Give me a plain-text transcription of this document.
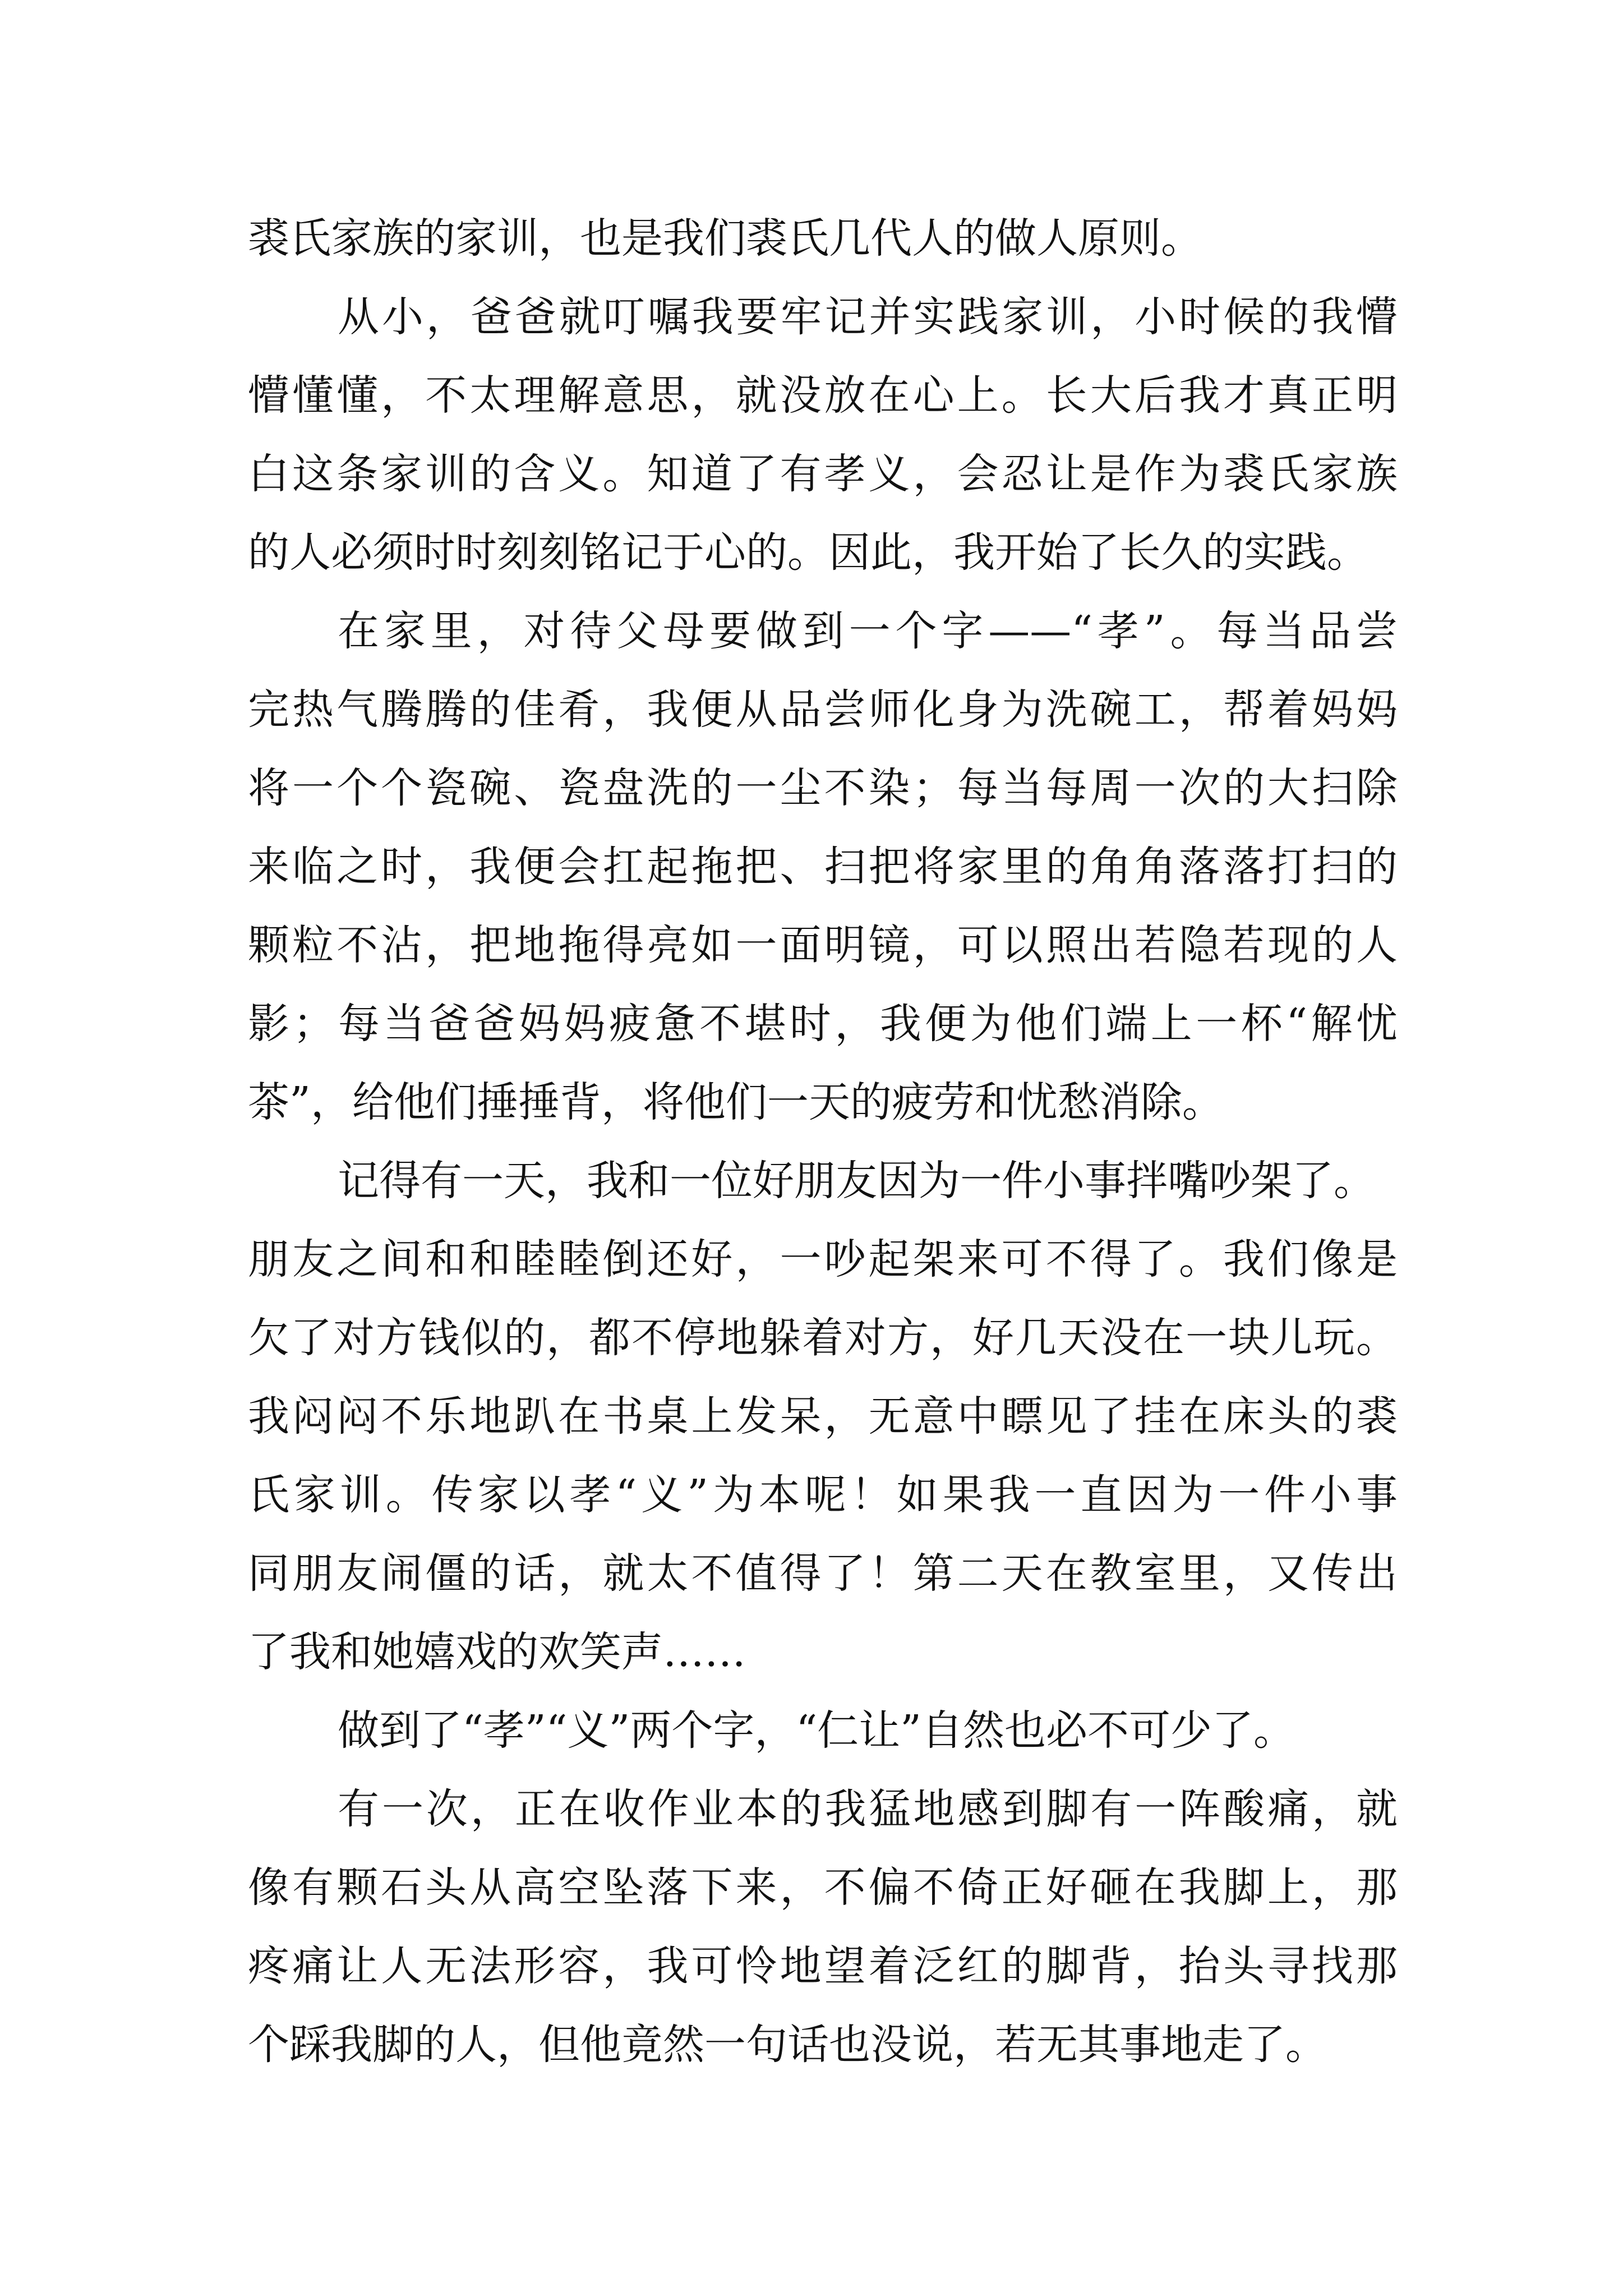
裘氏家族的家训，也是我们裘氏几代人的做人原则。
从小，爸爸就叮嘱我要牢记并实践家训，小时候的我懵
懵懂懂，不太理解意思，就没放在心上。长大后我才真正明
白这条家训的含义。知道了有孝义，会忍让是作为裘氏家族
的人必须时时刻刻铭记于心的。因此，我开始了长久的实践。
在家里，对待父母要做到一个字——“孝”。每当品尝
完热气腾腾的佳肴，我便从品尝师化身为洗碗工，帮着妈妈
将一个个瓷碗、瓷盘洗的一尘不染；每当每周一次的大扫除
来临之时，我便会扛起拖把、扫把将家里的角角落落打扫的
颗粒不沾，把地拖得亮如一面明镜，可以照出若隐若现的人
影；每当爸爸妈妈疲惫不堪时，我便为他们端上一杯“解忧
茶”，给他们捶捶背，将他们一天的疲劳和忧愁消除。
记得有一天，我和一位好朋友因为一件小事拌嘴吵架了。
朋友之间和和睦睦倒还好，一吵起架来可不得了。我们像是
欠了对方钱似的，都不停地躲着对方，好几天没在一块儿玩。
我闷闷不乐地趴在书桌上发呆，无意中瞟见了挂在床头的裘
氏家训。传家以孝“义”为本呢！如果我一直因为一件小事
同朋友闹僵的话，就太不值得了！第二天在教室里，又传出
了我和她嬉戏的欢笑声……
做到了“孝”“义”两个字，“仁让”自然也必不可少了。
有一次，正在收作业本的我猛地感到脚有一阵酸痛，就
像有颗石头从高空坠落下来，不偏不倚正好砸在我脚上，那
疼痛让人无法形容，我可怜地望着泛红的脚背，抬头寻找那
个踩我脚的人，但他竟然一句话也没说，若无其事地走了。
